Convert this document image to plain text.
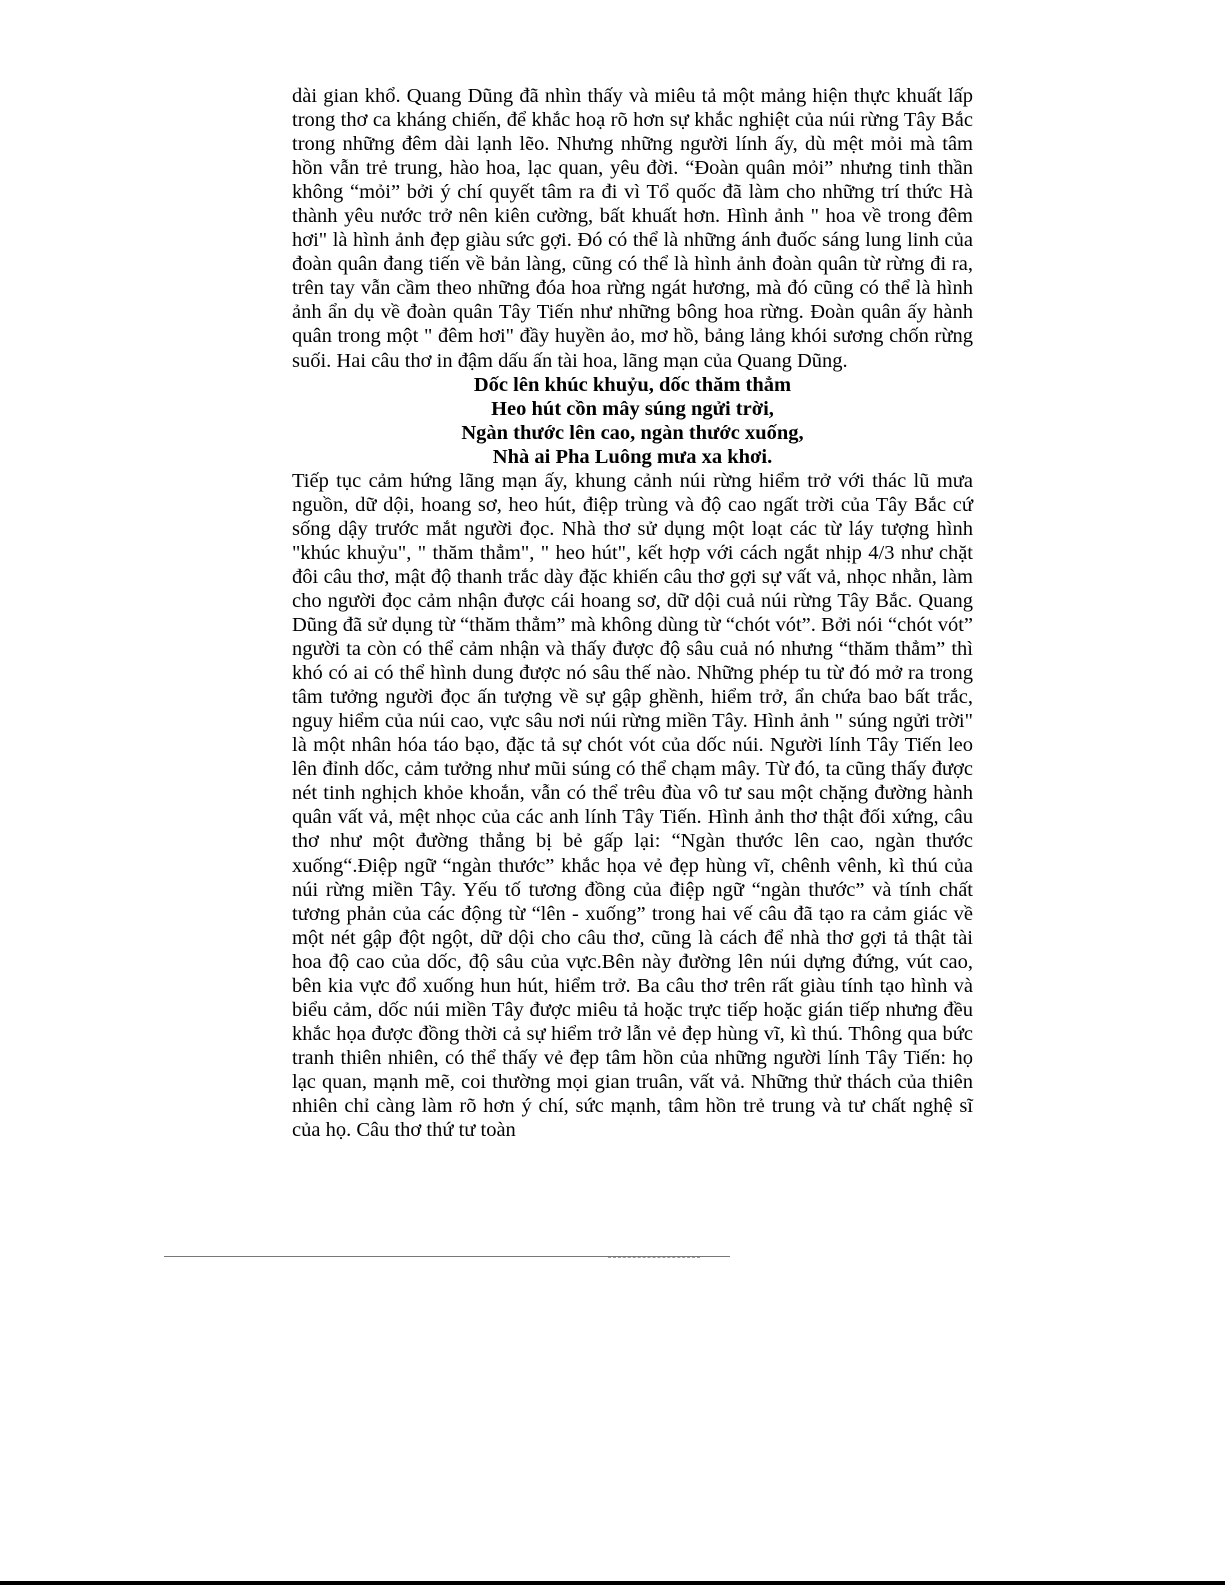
dài gian khổ. Quang Dũng đã nhìn thấy và miêu tả một mảng hiện thực khuất lấp trong thơ ca kháng chiến, để khắc hoạ rõ hơn sự khắc nghiệt của núi rừng Tây Bắc trong những đêm dài lạnh lẽo. Nhưng những người lính ấy, dù mệt mỏi mà tâm hồn vẫn trẻ trung, hào hoa, lạc quan, yêu đời. “Đoàn quân mỏi” nhưng tinh thần không “mỏi” bởi ý chí quyết tâm ra đi vì Tổ quốc đã làm cho những trí thức Hà thành yêu nước trở nên kiên cường, bất khuất hơn. Hình ảnh " hoa về trong đêm hơi" là hình ảnh đẹp giàu sức gợi. Đó có thể là những ánh đuốc sáng lung linh của đoàn quân đang tiến về bản làng, cũng có thể là hình ảnh đoàn quân từ rừng đi ra, trên tay vẫn cầm theo những đóa hoa rừng ngát hương, mà đó cũng có thể là hình ảnh ẩn dụ về đoàn quân Tây Tiến như những bông hoa rừng. Đoàn quân ấy hành quân trong một " đêm hơi" đầy huyền ảo, mơ hồ, bảng lảng khói sương chốn rừng suối. Hai câu thơ in đậm dấu ấn tài hoa, lãng mạn của Quang Dũng.

Dốc lên khúc khuỷu, dốc thăm thẳm
Heo hút cồn mây súng ngửi trời,
Ngàn thước lên cao, ngàn thước xuống,
Nhà ai Pha Luông mưa xa khơi.

Tiếp tục cảm hứng lãng mạn ấy, khung cảnh núi rừng hiểm trở với thác lũ mưa nguồn, dữ dội, hoang sơ, heo hút, điệp trùng và độ cao ngất trời của Tây Bắc cứ sống dậy trước mắt người đọc. Nhà thơ sử dụng một loạt các từ láy tượng hình "khúc khuỷu", " thăm thẳm", " heo hút", kết hợp với cách ngắt nhịp 4/3 như chặt đôi câu thơ, mật độ thanh trắc dày đặc khiến câu thơ gợi sự vất vả, nhọc nhằn, làm cho người đọc cảm nhận được cái hoang sơ, dữ dội cuả núi rừng Tây Bắc. Quang Dũng đã sử dụng từ “thăm thẳm” mà không dùng từ “chót vót”. Bởi nói “chót vót” người ta còn có thể cảm nhận và thấy được độ sâu cuả nó nhưng “thăm thẳm” thì khó có ai có thể hình dung được nó sâu thế nào. Những phép tu từ đó mở ra trong tâm tưởng người đọc ấn tượng về sự gập ghềnh, hiểm trở, ẩn chứa bao bất trắc, nguy hiểm của núi cao, vực sâu nơi núi rừng miền Tây. Hình ảnh " súng ngửi trời" là một nhân hóa táo bạo, đặc tả sự chót vót của dốc núi. Người lính Tây Tiến leo lên đỉnh dốc, cảm tưởng như mũi súng có thể chạm mây. Từ đó, ta cũng thấy được nét tinh nghịch khỏe khoắn, vẫn có thể trêu đùa vô tư sau một chặng đường hành quân vất vả, mệt nhọc của các anh lính Tây Tiến. Hình ảnh thơ thật đối xứng, câu thơ như một đường thẳng bị bẻ gấp lại: “Ngàn thước lên cao, ngàn thước xuống“.Điệp ngữ “ngàn thước” khắc họa vẻ đẹp hùng vĩ, chênh vênh, kì thú của núi rừng miền Tây. Yếu tố tương đồng của điệp ngữ “ngàn thước” và tính chất tương phản của các động từ “lên - xuống” trong hai vế câu đã tạo ra cảm giác về một nét gập đột ngột, dữ dội cho câu thơ, cũng là cách để nhà thơ gợi tả thật tài hoa độ cao của dốc, độ sâu của vực.Bên này đường lên núi dựng đứng, vút cao, bên kia vực đổ xuống hun hút, hiểm trở. Ba câu thơ trên rất giàu tính tạo hình và biểu cảm, dốc núi miền Tây được miêu tả hoặc trực tiếp hoặc gián tiếp nhưng đều khắc họa được đồng thời cả sự hiểm trở lẫn vẻ đẹp hùng vĩ, kì thú. Thông qua bức tranh thiên nhiên, có thể thấy vẻ đẹp tâm hồn của những người lính Tây Tiến: họ lạc quan, mạnh mẽ, coi thường mọi gian truân, vất vả. Những thử thách của thiên nhiên chỉ càng làm rõ hơn ý chí, sức mạnh, tâm hồn trẻ trung và tư chất nghệ sĩ của họ. Câu thơ thứ tư toàn
